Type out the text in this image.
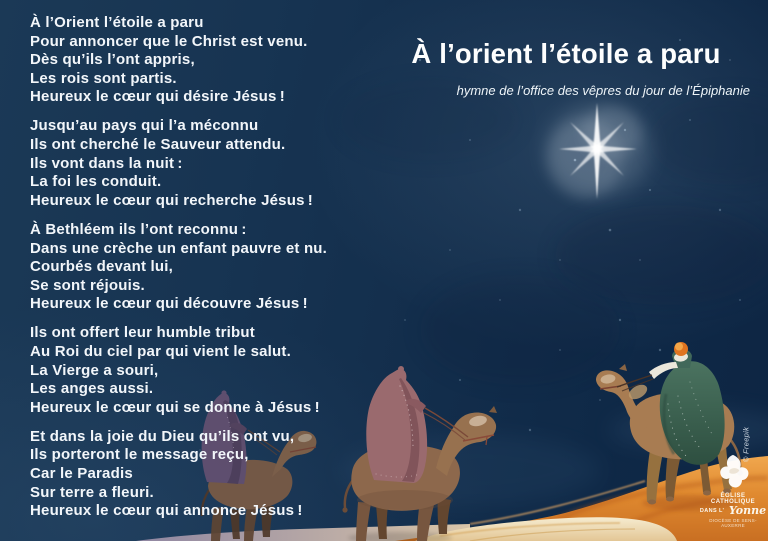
À l’Orient l’étoile a paru
Pour annoncer que le Christ est venu.
Dès qu’ils l’ont appris,
Les rois sont partis.
Heureux le cœur qui désire Jésus !
Jusqu’au pays qui l’a méconnu
Ils ont cherché le Sauveur attendu.
Ils vont dans la nuit :
La foi les conduit.
Heureux le cœur qui recherche Jésus !
À Bethléem ils l’ont reconnu :
Dans une crèche un enfant pauvre et nu.
Courbés devant lui,
Se sont réjouis.
Heureux le cœur qui découvre Jésus !
Ils ont offert leur humble tribut
Au Roi du ciel par qui vient le salut.
La Vierge a souri,
Les anges aussi.
Heureux le cœur qui se donne à Jésus !
Et dans la joie du Dieu qu’ils ont vu,
Ils porteront le message reçu,
Car le Paradis
Sur terre a fleuri.
Heureux le cœur qui annonce Jésus !
À l’orient l’étoile a paru
hymne de l’office des vêpres du jour de l’Épiphanie
© Freepik
ÉGLISE CATHOLIQUE
DANS L’ Yonne
DIOCÈSE DE SENS-AUXERRE
